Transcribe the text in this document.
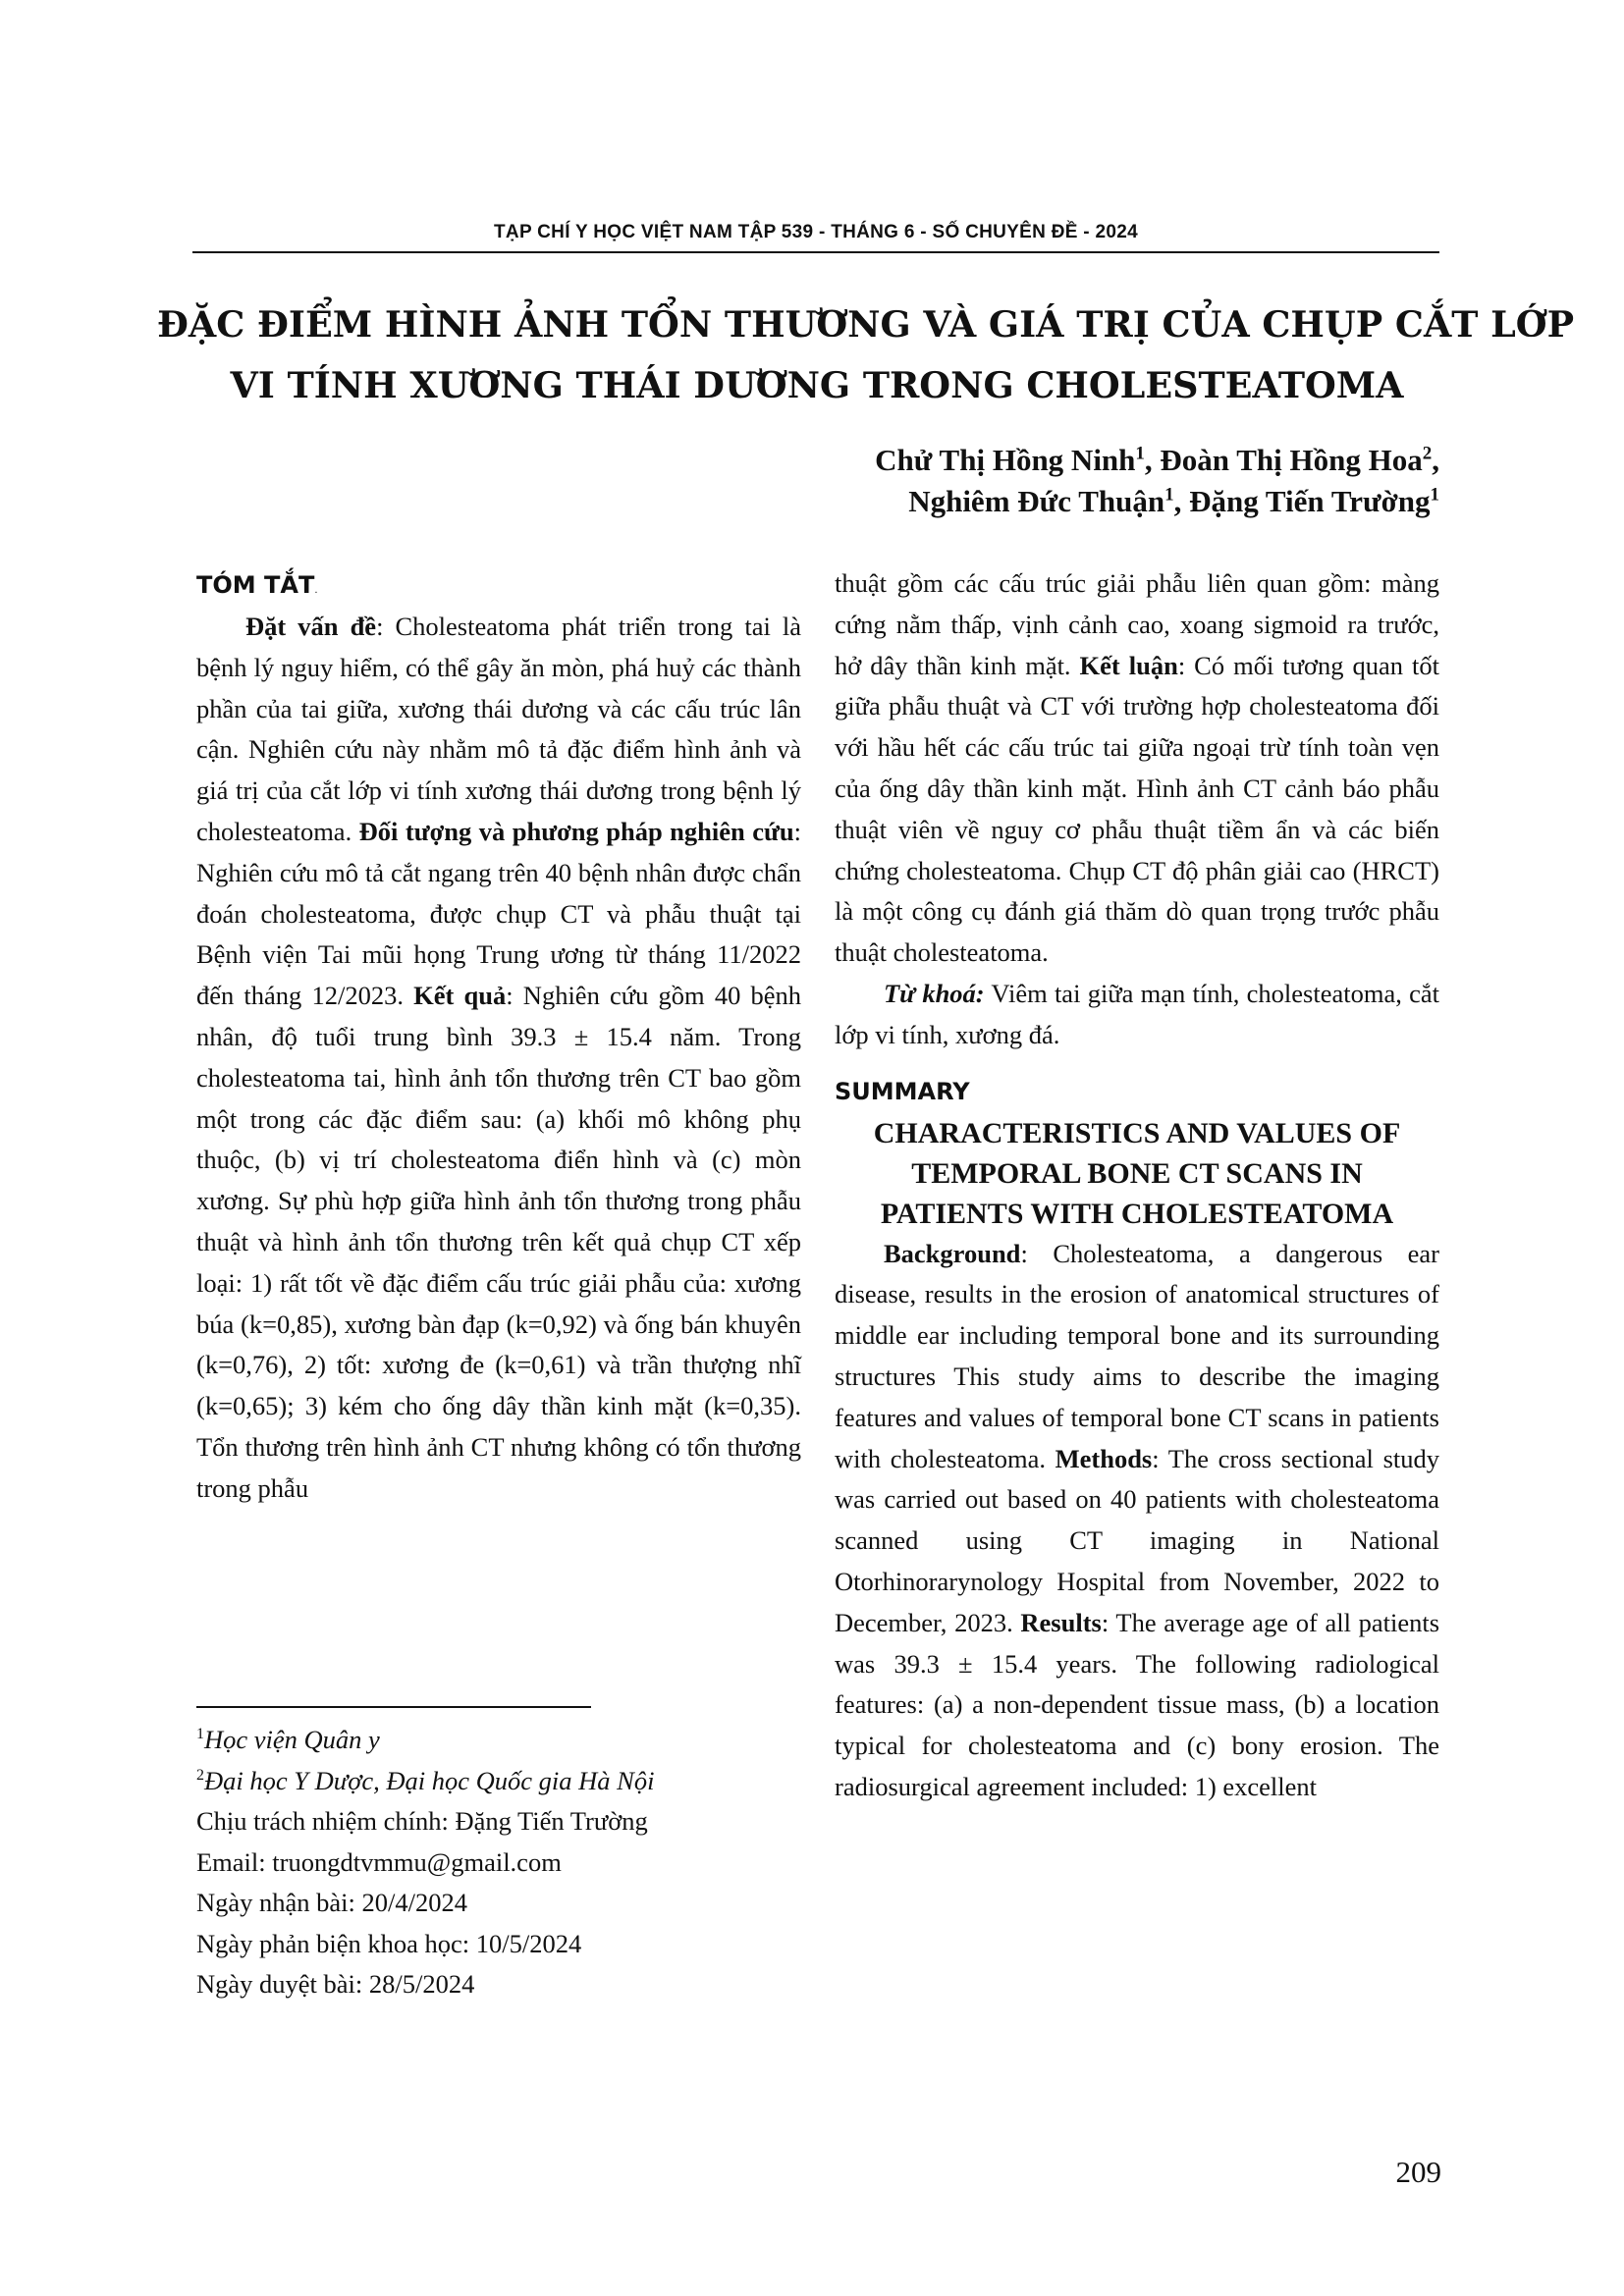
TẠP CHÍ Y HỌC VIỆT NAM TẬP 539 - THÁNG 6 - SỐ CHUYÊN ĐỀ - 2024
ĐẶC ĐIỂM HÌNH ẢNH TỔN THƯƠNG VÀ GIÁ TRỊ CỦA CHỤP CẮT LỚP
VI TÍNH XƯƠNG THÁI DƯƠNG TRONG CHOLESTEATOMA
Chử Thị Hồng Ninh$^1$, Đoàn Thị Hồng Hoa$^2$,
Nghiêm Đức Thuận$^1$, Đặng Tiến Trường$^1$
TÓM TẮT.

Đặt vấn đề: Cholesteatoma phát triển trong tai là bệnh lý nguy hiểm, có thể gây ăn mòn, phá huỷ các thành phần của tai giữa, xương thái dương và các cấu trúc lân cận. Nghiên cứu này nhằm mô tả đặc điểm hình ảnh và giá trị của cắt lớp vi tính xương thái dương trong bệnh lý cholesteatoma. Đối tượng và phương pháp nghiên cứu: Nghiên cứu mô tả cắt ngang trên 40 bệnh nhân được chẩn đoán cholesteatoma, được chụp CT và phẫu thuật tại Bệnh viện Tai mũi họng Trung ương từ tháng 11/2022 đến tháng 12/2023. Kết quả: Nghiên cứu gồm 40 bệnh nhân, độ tuổi trung bình 39.3 ± 15.4 năm. Trong cholesteatoma tai, hình ảnh tổn thương trên CT bao gồm một trong các đặc điểm sau: (a) khối mô không phụ thuộc, (b) vị trí cholesteatoma điển hình và (c) mòn xương. Sự phù hợp giữa hình ảnh tổn thương trong phẫu thuật và hình ảnh tổn thương trên kết quả chụp CT xếp loại: 1) rất tốt về đặc điểm cấu trúc giải phẫu của: xương búa (k=0,85), xương bàn đạp (k=0,92) và ống bán khuyên (k=0,76), 2) tốt: xương đe (k=0,61) và trần thượng nhĩ (k=0,65); 3) kém cho ống dây thần kinh mặt (k=0,35). Tổn thương trên hình ảnh CT nhưng không có tổn thương trong phẫu

$^1$Học viện Quân y
$^2$Đại học Y Dược, Đại học Quốc gia Hà Nội
Chịu trách nhiệm chính: Đặng Tiến Trường
Email: truongdtvmmu@gmail.com
Ngày nhận bài: 20/4/2024
Ngày phản biện khoa học: 10/5/2024
Ngày duyệt bài: 28/5/2024

thuật gồm các cấu trúc giải phẫu liên quan gồm: màng cứng nằm thấp, vịnh cảnh cao, xoang sigmoid ra trước, hở dây thần kinh mặt. Kết luận: Có mối tương quan tốt giữa phẫu thuật và CT với trường hợp cholesteatoma đối với hầu hết các cấu trúc tai giữa ngoại trừ tính toàn vẹn của ống dây thần kinh mặt. Hình ảnh CT cảnh báo phẫu thuật viên về nguy cơ phẫu thuật tiềm ẩn và các biến chứng cholesteatoma. Chụp CT độ phân giải cao (HRCT) là một công cụ đánh giá thăm dò quan trọng trước phẫu thuật cholesteatoma.

Từ khoá: Viêm tai giữa mạn tính, cholesteatoma, cắt lớp vi tính, xương đá.

SUMMARY
CHARACTERISTICS AND VALUES OF
TEMPORAL BONE CT SCANS IN
PATIENTS WITH CHOLESTEATOMA

Background: Cholesteatoma, a dangerous ear disease, results in the erosion of anatomical structures of middle ear including temporal bone and its surrounding structures This study aims to describe the imaging features and values of temporal bone CT scans in patients with cholesteatoma. Methods: The cross sectional study was carried out based on 40 patients with cholesteatoma scanned using CT imaging in National Otorhinorarynology Hospital from November, 2022 to December, 2023. Results: The average age of all patients was 39.3 ± 15.4 years. The following radiological features: (a) a non-dependent tissue mass, (b) a location typical for cholesteatoma and (c) bony erosion. The radiosurgical agreement included: 1) excellent

209
